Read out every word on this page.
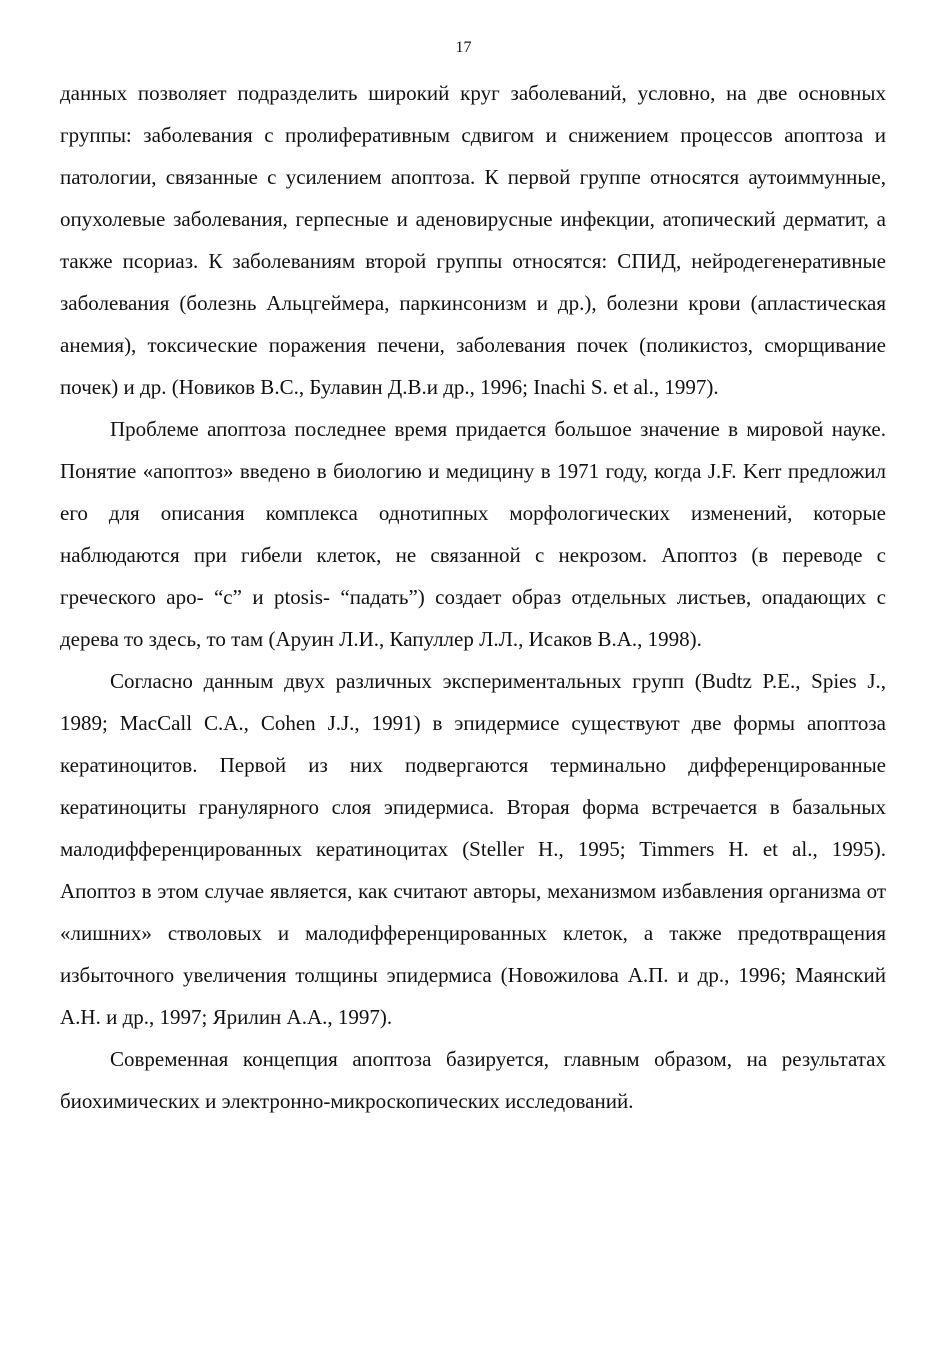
17

данных позволяет подразделить широкий круг заболеваний, условно, на две основных группы: заболевания с пролиферативным сдвигом и снижением процессов апоптоза и патологии, связанные с усилением апоптоза. К первой группе относятся аутоиммунные, опухолевые заболевания, герпесные и аденовирусные инфекции, атопический дерматит, а также псориаз. К заболеваниям второй группы относятся: СПИД, нейродегенеративные заболевания (болезнь Альцгеймера, паркинсонизм и др.), болезни крови (апластическая анемия), токсические поражения печени, заболевания почек (поликистоз, сморщивание почек) и др. (Новиков В.С., Булавин Д.В.и др., 1996; Inachi S. et al., 1997).

Проблеме апоптоза последнее время придается большое значение в мировой науке. Понятие «апоптоз» введено в биологию и медицину в 1971 году, когда J.F. Kerr предложил его для описания комплекса однотипных морфологических изменений, которые наблюдаются при гибели клеток, не связанной с некрозом. Апоптоз (в переводе с греческого apo- “c” и ptosis- “падать”) создает образ отдельных листьев, опадающих с дерева то здесь, то там (Аруин Л.И., Капуллер Л.Л., Исаков В.А., 1998).

Согласно данным двух различных экспериментальных групп (Budtz P.E., Spies J., 1989; MacCall C.A., Cohen J.J., 1991) в эпидермисе существуют две формы апоптоза кератиноцитов. Первой из них подвергаются терминально дифференцированные кератиноциты гранулярного слоя эпидермиса. Вторая форма встречается в базальных малодифференцированных кератиноцитах (Steller H., 1995; Timmers H. et al., 1995). Апоптоз в этом случае является, как считают авторы, механизмом избавления организма от «лишних» стволовых и малодифференцированных клеток, а также предотвращения избыточного увеличения толщины эпидермиса (Новожилова А.П. и др., 1996; Маянский А.Н. и др., 1997; Ярилин А.А., 1997).

Современная концепция апоптоза базируется, главным образом, на результатах биохимических и электронно-микроскопических исследований.
